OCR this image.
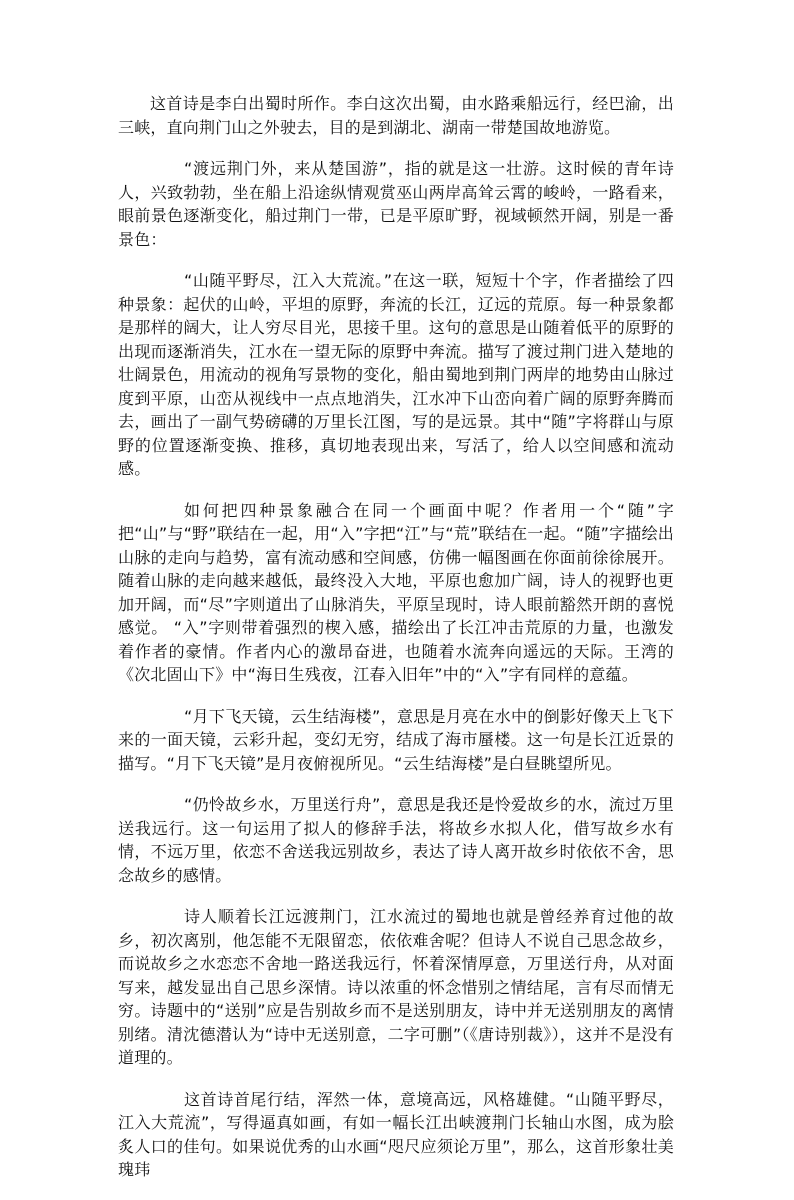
这首诗是李白出蜀时所作。李白这次出蜀，由水路乘船远行，经巴渝，出三峡，直向荆门山之外驶去，目的是到湖北、湖南一带楚国故地游览。

“渡远荆门外，来从楚国游”，指的就是这一壮游。这时候的青年诗人，兴致勃勃，坐在船上沿途纵情观赏巫山两岸高耸云霄的峻岭，一路看来，眼前景色逐渐变化，船过荆门一带，已是平原旷野，视域顿然开阔，别是一番景色：

“山随平野尽，江入大荒流。”在这一联，短短十个字，作者描绘了四种景象：起伏的山岭，平坦的原野，奔流的长江，辽远的荒原。每一种景象都是那样的阔大，让人穷尽目光，思接千里。这句的意思是山随着低平的原野的出现而逐渐消失，江水在一望无际的原野中奔流。描写了渡过荆门进入楚地的壮阔景色，用流动的视角写景物的变化，船由蜀地到荆门两岸的地势由山脉过度到平原，山峦从视线中一点点地消失，江水冲下山峦向着广阔的原野奔腾而去，画出了一副气势磅礴的万里长江图，写的是远景。其中“随”字将群山与原野的位置逐渐变换、推移，真切地表现出来，写活了，给人以空间感和流动感。

如何把四种景象融合在同一个画面中呢？作者用一个“随”字把“山”与“野”联结在一起，用“入”字把“江”与“荒”联结在一起。“随”字描绘出山脉的走向与趋势，富有流动感和空间感，仿佛一幅图画在你面前徐徐展开。随着山脉的走向越来越低，最终没入大地，平原也愈加广阔，诗人的视野也更加开阔，而“尽”字则道出了山脉消失，平原呈现时，诗人眼前豁然开朗的喜悦感觉。 “入”字则带着强烈的楔入感，描绘出了长江冲击荒原的力量，也激发着作者的豪情。作者内心的激昂奋进，也随着水流奔向遥远的天际。王湾的《次北固山下》中“海日生残夜，江春入旧年”中的“入”字有同样的意蕴。

“月下飞天镜，云生结海楼”，意思是月亮在水中的倒影好像天上飞下来的一面天镜，云彩升起，变幻无穷，结成了海市蜃楼。这一句是长江近景的描写。“月下飞天镜”是月夜俯视所见。“云生结海楼”是白昼眺望所见。

“仍怜故乡水，万里送行舟”，意思是我还是怜爱故乡的水，流过万里送我远行。这一句运用了拟人的修辞手法，将故乡水拟人化，借写故乡水有情，不远万里，依恋不舍送我远别故乡，表达了诗人离开故乡时依依不舍，思念故乡的感情。

诗人顺着长江远渡荆门，江水流过的蜀地也就是曾经养育过他的故乡，初次离别，他怎能不无限留恋，依依难舍呢？但诗人不说自己思念故乡，而说故乡之水恋恋不舍地一路送我远行，怀着深情厚意，万里送行舟，从对面写来，越发显出自己思乡深情。诗以浓重的怀念惜别之情结尾，言有尽而情无穷。诗题中的“送别”应是告别故乡而不是送别朋友，诗中并无送别朋友的离情别绪。清沈德潜认为“诗中无送别意，二字可删”（《唐诗别裁》），这并不是没有道理的。

这首诗首尾行结，浑然一体，意境高远，风格雄健。“山随平野尽，江入大荒流”，写得逼真如画，有如一幅长江出峡渡荆门长轴山水图，成为脍炙人口的佳句。如果说优秀的山水画“咫尺应须论万里”，那么，这首形象壮美瑰玮
